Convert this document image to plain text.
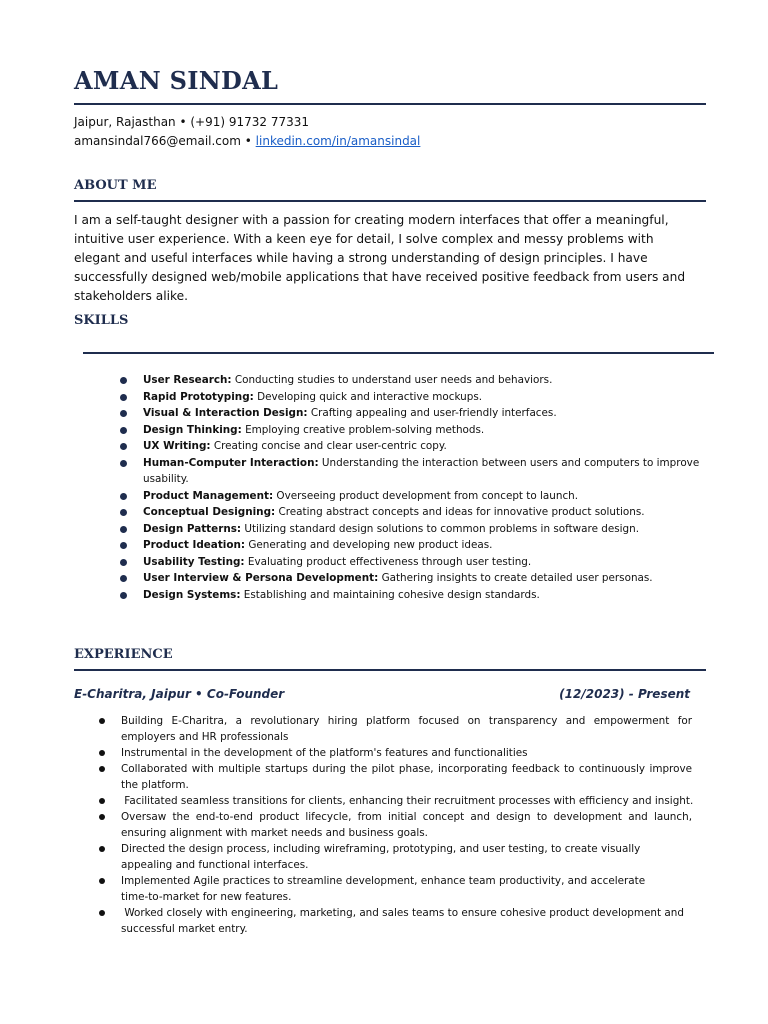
AMAN SINDAL
Jaipur, Rajasthan • (+91) 91732 77331
amansindal766@email.com • linkedin.com/in/amansindal
ABOUT ME

I am a self-taught designer with a passion for creating modern interfaces that offer a meaningful, intuitive user experience. With a keen eye for detail, I solve complex and messy problems with elegant and useful interfaces while having a strong understanding of design principles. I have successfully designed web/mobile applications that have received positive feedback from users and stakeholders alike.

SKILLS
User Research: Conducting studies to understand user needs and behaviors.
Rapid Prototyping: Developing quick and interactive mockups.
Visual & Interaction Design: Crafting appealing and user-friendly interfaces.
Design Thinking: Employing creative problem-solving methods.
UX Writing: Creating concise and clear user-centric copy.
Human-Computer Interaction: Understanding the interaction between users and computers to improve usability.
Product Management: Overseeing product development from concept to launch.
Conceptual Designing: Creating abstract concepts and ideas for innovative product solutions.
Design Patterns: Utilizing standard design solutions to common problems in software design.
Product Ideation: Generating and developing new product ideas.
Usability Testing: Evaluating product effectiveness through user testing.
User Interview & Persona Development: Gathering insights to create detailed user personas.
Design Systems: Establishing and maintaining cohesive design standards.
EXPERIENCE
E-Charitra, Jaipur • Co-Founder	(12/2023) - Present
Building E-Charitra, a revolutionary hiring platform focused on transparency and empowerment for employers and HR professionals
Instrumental in the development of the platform's features and functionalities
Collaborated with multiple startups during the pilot phase, incorporating feedback to continuously improve the platform.
Facilitated seamless transitions for clients, enhancing their recruitment processes with efficiency and insight.
Oversaw the end-to-end product lifecycle, from initial concept and design to development and launch, ensuring alignment with market needs and business goals.
Directed the design process, including wireframing, prototyping, and user testing, to create visually appealing and functional interfaces.
Implemented Agile practices to streamline development, enhance team productivity, and accelerate
time-to-market for new features.
Worked closely with engineering, marketing, and sales teams to ensure cohesive product development and successful market entry.
